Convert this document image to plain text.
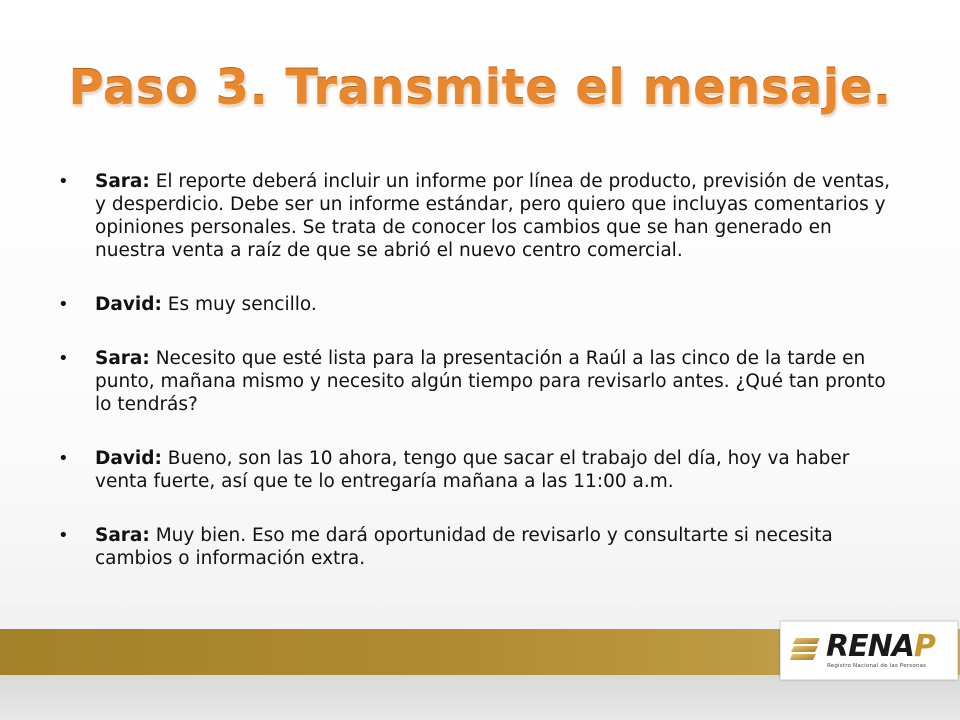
Paso 3. Transmite el mensaje.
• Sara: El reporte deberá incluir un informe por línea de producto, previsión de ventas, y desperdicio. Debe ser un informe estándar, pero quiero que incluyas comentarios y opiniones personales. Se trata de conocer los cambios que se han generado en nuestra venta a raíz de que se abrió el nuevo centro comercial.
• David: Es muy sencillo.
• Sara: Necesito que esté lista para la presentación a Raúl a las cinco de la tarde en punto, mañana mismo y necesito algún tiempo para revisarlo antes. ¿Qué tan pronto lo tendrás?
• David: Bueno, son las 10 ahora, tengo que sacar el trabajo del día, hoy va haber venta fuerte, así que te lo entregaría mañana a las 11:00 a.m.
• Sara: Muy bien. Eso me dará oportunidad de revisarlo y consultarte si necesita cambios o información extra.
RENAP
Registro Nacional de las Personas
